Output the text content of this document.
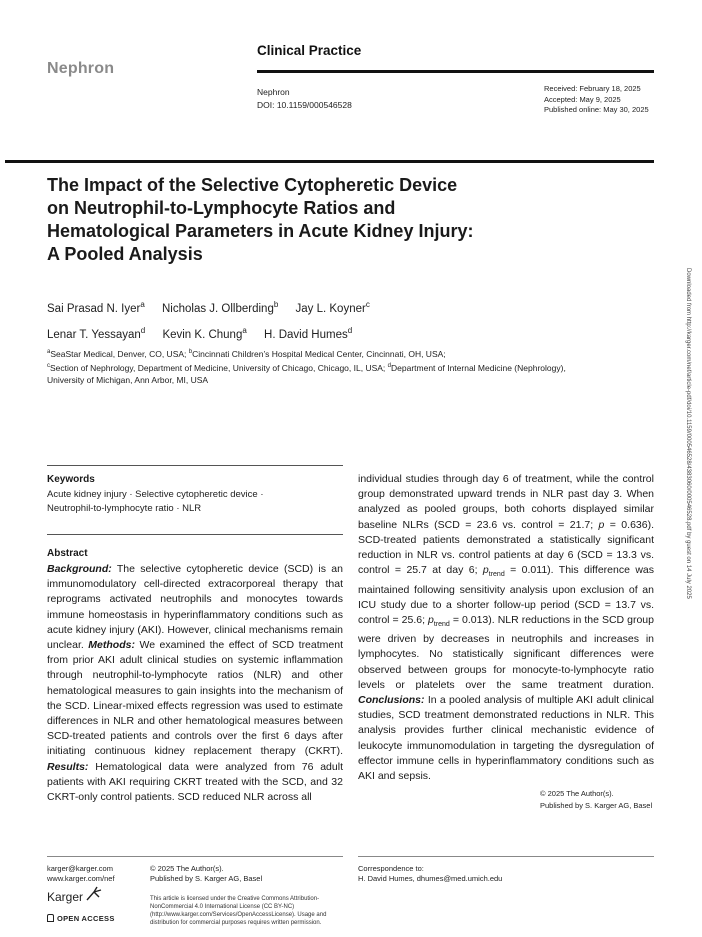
Nephron
Clinical Practice
Nephron
DOI: 10.1159/000546528
Received: February 18, 2025
Accepted: May 9, 2025
Published online: May 30, 2025
The Impact of the Selective Cytopheretic Device
on Neutrophil-to-Lymphocyte Ratios and
Hematological Parameters in Acute Kidney Injury:
A Pooled Analysis
Sai Prasad N. Iyer$^a$ Nicholas J. Ollberding$^b$ Jay L. Koyner$^c$
Lenar T. Yessayan$^d$ Kevin K. Chung$^a$ H. David Humes$^d$
$^a$SeaStar Medical, Denver, CO, USA; $^b$Cincinnati Children’s Hospital Medical Center, Cincinnati, OH, USA;
$^c$Section of Nephrology, Department of Medicine, University of Chicago, Chicago, IL, USA; $^d$Department of Internal Medicine (Nephrology), University of Michigan, Ann Arbor, MI, USA
Keywords
Acute kidney injury · Selective cytopheretic device ·
Neutrophil-to-lymphocyte ratio · NLR
Abstract
Background: The selective cytopheretic device (SCD) is an immunomodulatory cell-directed extracorporeal therapy that reprograms activated neutrophils and monocytes towards immune homeostasis in hyperinflammatory conditions such as acute kidney injury (AKI). However, clinical mechanisms remain unclear. Methods: We examined the effect of SCD treatment from prior AKI adult clinical studies on systemic inflammation through neutrophil-to-lymphocyte ratios (NLR) and other hematological measures to gain insights into the mechanism of the SCD. Linear-mixed effects regression was used to estimate differences in NLR and other hematological measures between SCD-treated patients and controls over the first 6 days after initiating continuous kidney replacement therapy (CKRT). Results: Hematological data were analyzed from 76 adult patients with AKI requiring CKRT treated with the SCD, and 32 CKRT-only control patients. SCD reduced NLR across all
individual studies through day 6 of treatment, while the control group demonstrated upward trends in NLR past day 3. When analyzed as pooled groups, both cohorts displayed similar baseline NLRs (SCD = 23.6 vs. control = 21.7; p = 0.636). SCD-treated patients demonstrated a statistically significant reduction in NLR vs. control patients at day 6 (SCD = 13.3 vs. control = 25.7 at day 6; $p_{trend} = 0.011$). This difference was maintained following sensitivity analysis upon exclusion of an ICU study due to a shorter follow-up period (SCD = 13.7 vs. control = 25.6; $p_{trend} = 0.013$). NLR reductions in the SCD group were driven by decreases in neutrophils and increases in lymphocytes. No statistically significant differences were observed between groups for monocyte-to-lymphocyte ratio levels or platelets over the same treatment duration. Conclusions: In a pooled analysis of multiple AKI adult clinical studies, SCD treatment demonstrated reductions in NLR. This analysis provides further clinical mechanistic evidence of leukocyte immunomodulation in targeting the dysregulation of effector immune cells in hyperinflammatory conditions such as AKI and sepsis.
© 2025 The Author(s).
Published by S. Karger AG, Basel
karger@karger.com
www.karger.com/nef
© 2025 The Author(s).
Published by S. Karger AG, Basel
This article is licensed under the Creative Commons Attribution-NonCommercial 4.0 International License (CC BY-NC) (http://www.karger.com/Services/OpenAccessLicense). Usage and distribution for commercial purposes requires written permission.
Correspondence to:
H. David Humes, dhumes@med.umich.edu
Karger
OPEN ACCESS
Downloaded from http://karger.com/nef/article-pdf/doi/10.1159/000546528/4383060/000546528.pdf by guest on 14 July 2025
